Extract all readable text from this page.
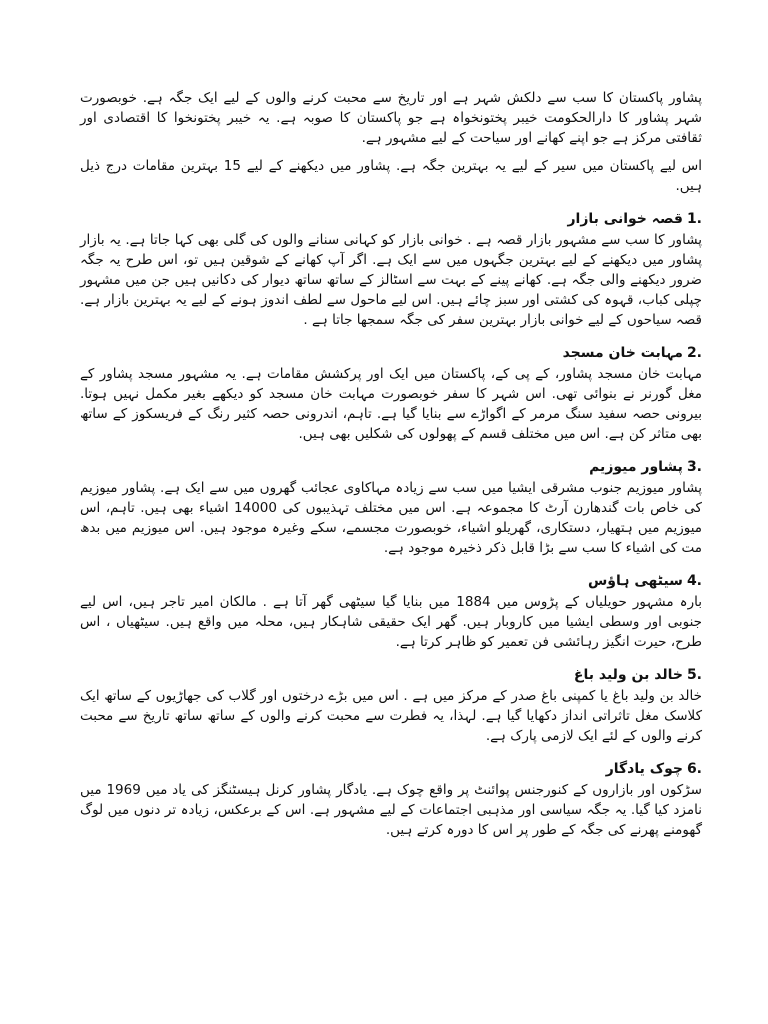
پشاور پاکستان کا سب سے دلکش شہر ہے اور تاریخ سے محبت کرنے والوں کے لیے ایک جگہ ہے. خوبصورت شہر پشاور کا دارالحکومت خیبر پختونخواہ ہے جو پاکستان کا صوبہ ہے. یہ خیبر پختونخوا کا اقتصادی اور ثقافتی مرکز ہے جو اپنے کھانے اور سیاحت کے لیے مشہور ہے.

اس لیے پاکستان میں سیر کے لیے یہ بہترین جگہ ہے. پشاور میں دیکھنے کے لیے 15 بہترین مقامات درج ذیل ہیں.

1.قصہ خوانی بازار

پشاور کا سب سے مشہور بازار قصہ ہے . خوانی بازار کو کہانی سنانے والوں کی گلی بھی کہا جاتا ہے. یہ بازار پشاور میں دیکھنے کے لیے بہترین جگہوں میں سے ایک ہے. اگر آپ کھانے کے شوقین ہیں تو، اس طرح یہ جگہ ضرور دیکھنے والی جگہ ہے. کھانے پینے کے بہت سے اسٹالز کے ساتھ ساتھ دیوار کی دکانیں ہیں جن میں مشہور چپلی کباب، قہوہ کی کشتی اور سبز چائے ہیں. اس لیے ماحول سے لطف اندوز ہونے کے لیے یہ بہترین بازار ہے. قصہ سیاحوں کے لیے خوانی بازار بہترین سفر کی جگہ سمجھا جاتا ہے .

2.مہابت خان مسجد

مہابت خان مسجد پشاور، کے پی کے، پاکستان میں ایک اور پرکشش مقامات ہے. یہ مشہور مسجد پشاور کے مغل گورنر نے بنوائی تھی. اس شہر کا سفر خوبصورت مہابت خان مسجد کو دیکھے بغیر مکمل نہیں ہوتا. بیرونی حصہ سفید سنگ مرمر کے اگواڑے سے بنایا گیا ہے. تاہم، اندرونی حصہ کثیر رنگ کے فریسکوز کے ساتھ بھی متاثر کن ہے. اس میں مختلف قسم کے پھولوں کی شکلیں بھی ہیں.

3.پشاور میوزیم

پشاور میوزیم جنوب مشرقی ایشیا میں سب سے زیادہ مہاکاوی عجائب گھروں میں سے ایک ہے. پشاور میوزیم کی خاص بات گندھارن آرٹ کا مجموعہ ہے. اس میں مختلف تہذیبوں کی 14000 اشیاء بھی ہیں. تاہم، اس میوزیم میں ہتھیار، دستکاری، گھریلو اشیاء، خوبصورت مجسمے، سکے وغیرہ موجود ہیں. اس میوزیم میں بدھ مت کی اشیاء کا سب سے بڑا قابل ذکر ذخیرہ موجود ہے.

4.سیٹھی ہاؤس

بارہ مشہور حویلیاں کے پڑوس میں 1884 میں بنایا گیا سیٹھی گھر آتا ہے . مالکان امیر تاجر ہیں، اس لیے جنوبی اور وسطی ایشیا میں کاروبار ہیں. گھر ایک حقیقی شاہکار ہیں، محلہ میں واقع ہیں. سیٹھیاں ، اس طرح، حیرت انگیز رہائشی فن تعمیر کو ظاہر کرتا ہے.

5.خالد بن ولید باغ

خالد بن ولید باغ یا کمپنی باغ صدر کے مرکز میں ہے . اس میں بڑے درختوں اور گلاب کی جھاڑیوں کے ساتھ ایک کلاسک مغل تاثراتی انداز دکھایا گیا ہے. لہذا، یہ فطرت سے محبت کرنے والوں کے ساتھ ساتھ تاریخ سے محبت کرنے والوں کے لئے ایک لازمی پارک ہے.

6.چوک یادگار

سڑکوں اور بازاروں کے کنورجنس پوائنٹ پر واقع چوک ہے. یادگار پشاور کرنل ہیسٹنگز کی یاد میں 1969 میں نامزد کیا گیا. یہ جگہ سیاسی اور مذہبی اجتماعات کے لیے مشہور ہے. اس کے برعکس، زیادہ تر دنوں میں لوگ گھومنے پھرنے کی جگہ کے طور پر اس کا دورہ کرتے ہیں.
